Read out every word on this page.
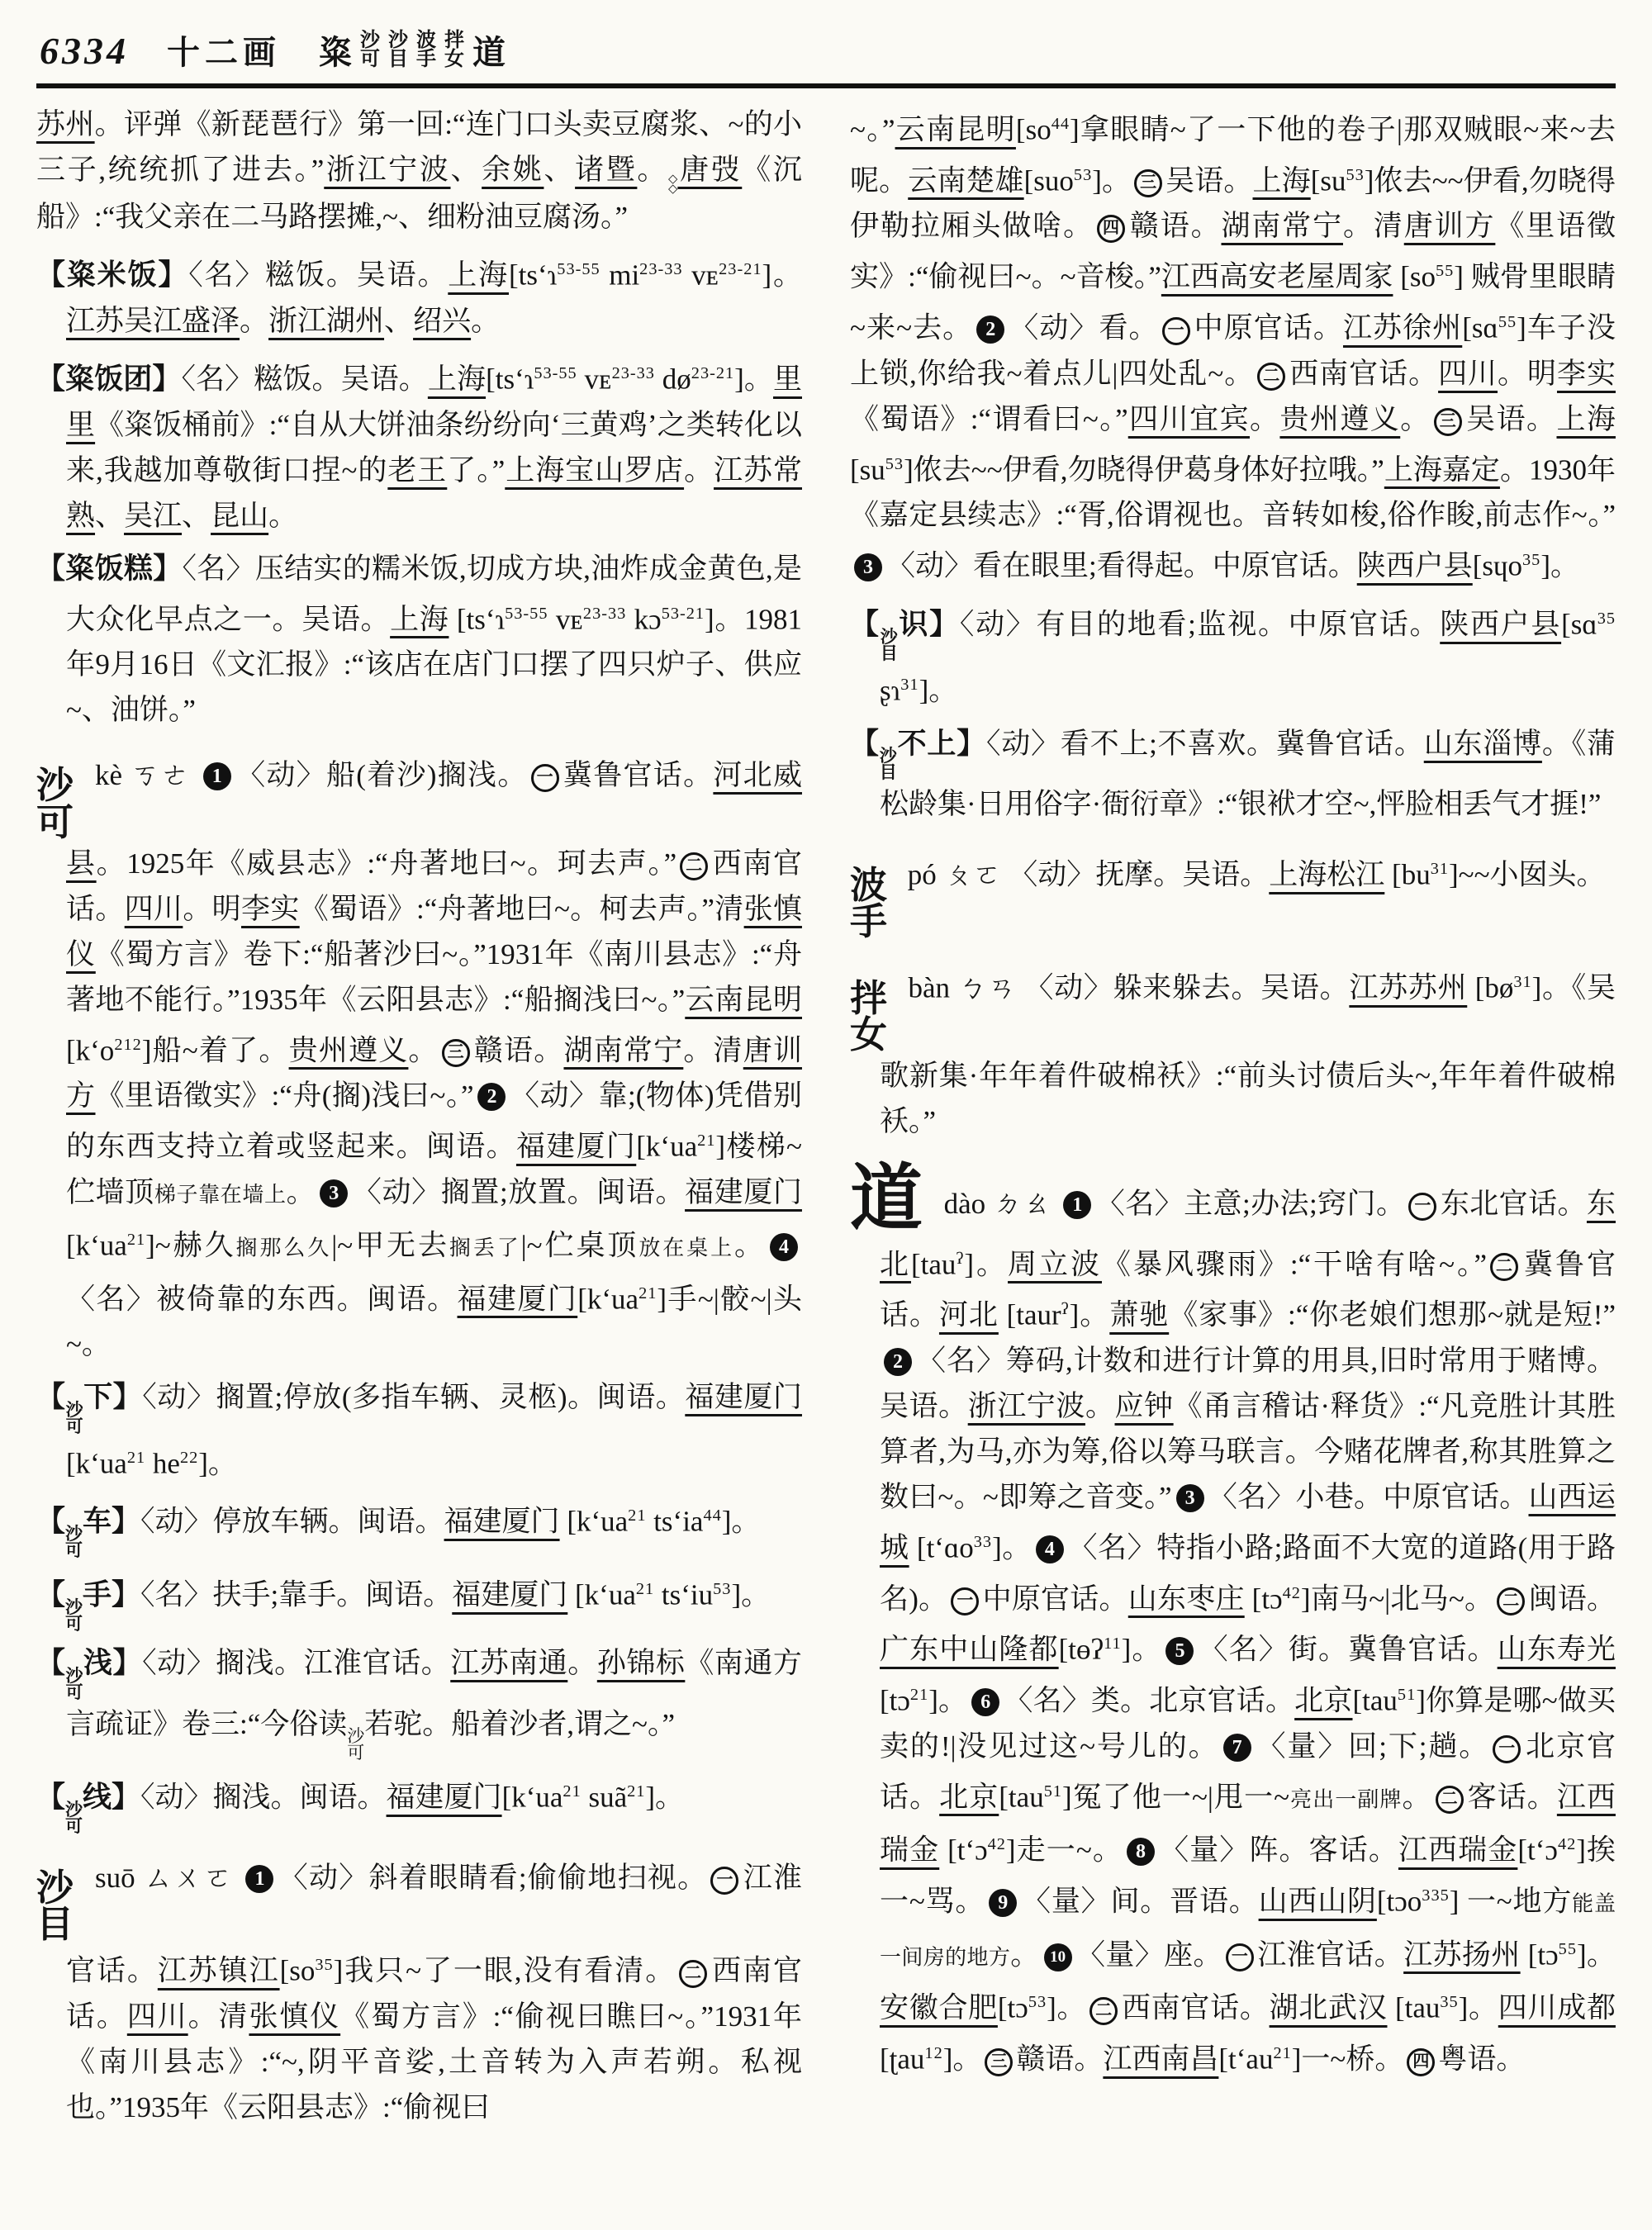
6334 十二画 粢 沙
可
沙
目
波
手
拌
女 道
苏州。评弹《新琵琶行》第一回:“连门口头卖豆腐浆、~的小三子,统统抓了进去。”浙江宁波、余姚、诸暨。 ◇
◇
唐弢《沉船》:“我父亲在二马路摆摊,~、细粉油豆腐汤。”
【粢米饭】〈名〉糍饭。吴语。上海[tsʻɿ$^{53-55}$ $mi^{23-33}$ vᴇ$^{23-21}$]。江苏吴江盛泽。浙江湖州、绍兴。
【粢饭团】〈名〉糍饭。吴语。上海[tsʻɿ$^{53-55}$ vᴇ$^{23-33}$ $dø^{23-21}$]。里里《粢饭桶前》:“自从大饼油条纷纷向‘三黄鸡’之类转化以来,我越加尊敬街口捏~的老王了。”上海宝山罗店。江苏常熟、吴江、昆山。
【粢饭糕】〈名〉压结实的糯米饭,切成方块,油炸成金黄色,是大众化早点之一。吴语。上海 [tsʻɿ$^{53-55}$ vᴇ$^{23-33}$ kɔ$^{53-21}$]。1981年9月16日《文汇报》:“该店在店门口摆了四只炉子、供应~、油饼。”
沙
可
kè ㄎㄜ 1 〈动〉船(着沙)搁浅。 一 冀鲁官话。河北威县。1925年《威县志》:“舟著地曰~。珂去声。” 二 西南官话。四川。明李实《蜀语》:“舟著地曰~。柯去声。”清张慎仪《蜀方言》卷下:“船著沙曰~。”1931年《南川县志》:“舟著地不能行。”1935年《云阳县志》:“船搁浅曰~。”云南昆明[kʻo$^{212}$]船~着了。贵州遵义。 三 赣语。湖南常宁。清唐训方《里语徵实》:“舟(搁)浅曰~。” 2 〈动〉靠;(物体)凭借别的东西支持立着或竖起来。闽语。福建厦门[kʻua$^{21}$]楼梯~伫墙顶梯子靠在墙上。 3 〈动〉搁置;放置。闽语。福建厦门[kʻua$^{21}$]~赫久搁那么久|~甲无去搁丢了|~伫桌顶放在桌上。 4〈名〉被倚靠的东西。闽语。福建厦门[kʻua$^{21}$]手~|骹~|头~。
【 沙
可
下】〈动〉搁置;停放(多指车辆、灵柩)。闽语。福建厦门[kʻua$^{21}$ $he^{22}$]。
【 沙
可
车】〈动〉停放车辆。闽语。福建厦门 [kʻua$^{21}$ tsʻia$^{44}$]。
【 沙
可
手】〈名〉扶手;靠手。闽语。福建厦门 [kʻua$^{21}$ tsʻiu$^{53}$]。
【 沙
可
浅】〈动〉搁浅。江淮官话。江苏南通。孙锦标《南通方言疏证》卷三:“今俗读 沙
可
若驼。船着沙者,谓之~。”
【 沙
可
线】〈动〉搁浅。闽语。福建厦门[kʻua$^{21}$ suã$^{21}$]。
沙
目
suō ㄙㄨㄛ 1 〈动〉斜着眼睛看;偷偷地扫视。 一 江淮官话。江苏镇江$[so^{35}]$我只~了一眼,没有看清。 二 西南官话。四川。清张慎仪《蜀方言》:“偷视曰瞧曰~。”1931年《南川县志》:“~,阴平音娑,土音转为入声若朔。私视也。”1935年《云阳县志》:“偷视曰
~。”云南昆明$[so^{44}]$拿眼睛~了一下他的卷子|那双贼眼~来~去呢。云南楚雄[suo$^{53}$]。 三 吴语。上海$[su^{53}]$侬去~~伊看,勿晓得伊勒拉厢头做啥。 四 赣语。湖南常宁。清唐训方《里语徵实》:“偷视曰~。~音梭。”江西高安老屋周家 $[so^{55}]$ 贼骨里眼睛~来~去。 2 〈动〉看。 一 中原官话。江苏徐州[sɑ$^{55}$]车子没上锁,你给我~着点儿|四处乱~。 二 西南官话。四川。明李实《蜀语》:“谓看曰~。”四川宜宾。贵州遵义。 三 吴语。上海$[su^{53}]$侬去~~伊看,勿晓得伊葛身体好拉哦。”上海嘉定。1930年《嘉定县续志》:“胥,俗谓视也。音转如梭,俗作睃,前志作~。”3 〈动〉看在眼里;看得起。中原官话。陕西户县[sɥo$^{35}$]。
【 沙
目
识】〈动〉有目的地看;监视。中原官话。陕西户县[sɑ$^{35}$ ʂɿ$^{31}$]。
【 沙
目
不上】〈动〉看不上;不喜欢。冀鲁官话。山东淄博。《蒲松龄集·日用俗字·衙衍章》:“银袱才空~,怦脸相丢气才捱!”
波
手
pó ㄆㄛ 〈动〉抚摩。吴语。上海松江 $[bu^{31}]\sim\sim$小囡头。
拌
女
bàn ㄅㄢ 〈动〉躲来躲去。吴语。江苏苏州 $[bø^{31}]$。《吴歌新集·年年着件破棉袄》:“前头讨债后头~,年年着件破棉袄。”
道 dào ㄉㄠ 1 〈名〉主意;办法;窍门。 一 东北官话。东北[tau$^ʔ$]。周立波《暴风骤雨》:“干啥有啥~。” 二 冀鲁官话。河北 [taur$^ʔ$]。萧驰《家事》:“你老娘们想那~就是短!”2 〈名〉筹码,计数和进行计算的用具,旧时常用于赌博。吴语。浙江宁波。应钟《甬言稽诂·释货》:“凡竞胜计其胜算者,为马,亦为筹,俗以筹马联言。今赌花牌者,称其胜算之数曰~。~即筹之音变。” 3 〈名〉小巷。中原官话。山西运城 [tʻɑo$^{33}$]。 4 〈名〉特指小路;路面不大宽的道路(用于路名)。 一 中原官话。山东枣庄 [tɔ$^{42}$]南马~|北马~。 二 闽语。广东中山隆都[tɵʔ$^{11}$]。 5 〈名〉街。冀鲁官话。山东寿光[tɔ$^{21}$]。 6 〈名〉类。北京官话。北京[tau$^{51}$]你算是哪~做买卖的!|没见过这~号儿的。 7 〈量〉回;下;趟。 一 北京官话。北京[tau$^{51}$]冤了他一~|甩一~亮出一副牌。 二 客话。江西瑞金 [tʻɔ$^{42}$]走一~。 8 〈量〉阵。客话。江西瑞金[tʻɔ$^{42}$]挨一~骂。 9 〈量〉间。晋语。山西山阴[tɔo$^{335}$] 一~地方能盖一间房的地方。 10 〈量〉座。 一 江淮官话。江苏扬州 [tɔ$^{55}$]。安徽合肥[tɔ$^{53}$]。 二 西南官话。湖北武汉 [tau$^{35}$]。四川成都[ʈau$^{12}$]。 三 赣语。江西南昌[tʻau$^{21}$]一~桥。 四 粤语。
